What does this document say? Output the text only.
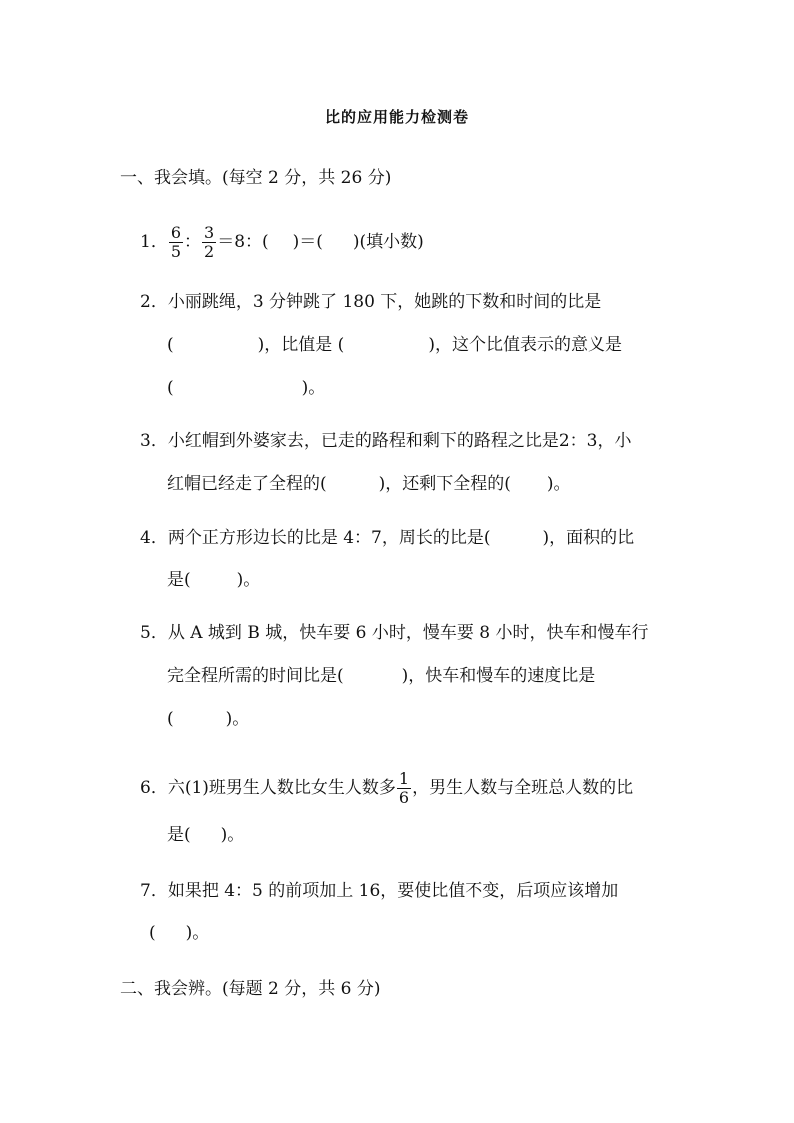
比的应用能力检测卷
一、我会填。(每空 2 分，共 26 分)
1． $\frac{6}{5}$ ： $\frac{3}{2} =8$：( )＝( )(填小数)
2．小丽跳绳，3 分钟跳了 180 下，她跳的下数和时间的比是
(	)，比值是 (	)，这个比值表示的意义是
(	)。
3．小红帽到外婆家去，已走的路程和剩下的路程之比是2：3，小
红帽已经走了全程的(	)，还剩下全程的( )。
4．两个正方形边长的比是 4：7，周长的比是(	)，面积的比
是(	)。
5．从 A 城到 B 城，快车要 6 小时，慢车要 8 小时，快车和慢车行
完全程所需的时间比是(	)，快车和慢车的速度比是
(	)。
6．六(1)班男生人数比女生人数多 $\frac{1}{6}$ ，男生人数与全班总人数的比
是( )。
7．如果把 4：5 的前项加上 16，要使比值不变，后项应该增加
( )。
二、我会辨。(每题 2 分，共 6 分)
